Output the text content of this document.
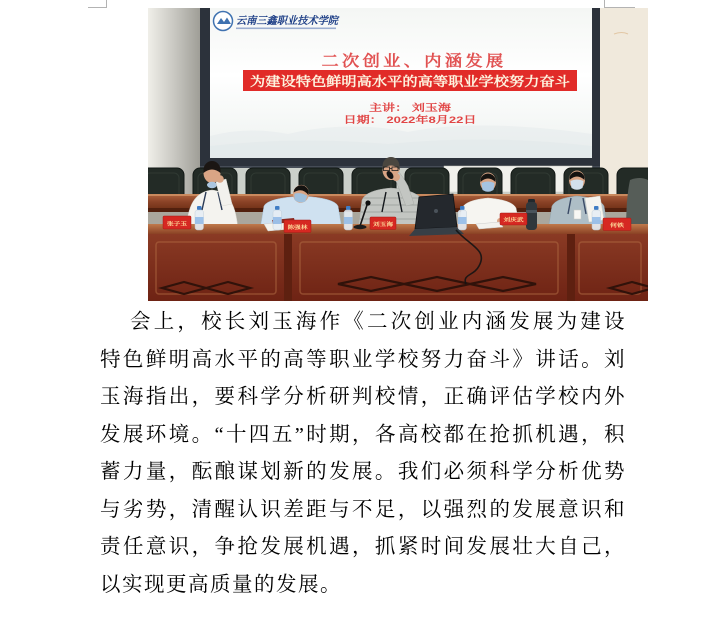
云南三鑫职业技术学院
二次创业、内涵发展
为建设特色鲜明高水平的高等职业学校努力奋斗
主讲： 刘玉海
日期： 2022年8月22日
张子玉
陈强林	刘玉海
刘庆武
何铁
会上，校长刘玉海作《二次创业内涵发展为建设
特色鲜明高水平的高等职业学校努力奋斗》讲话。刘
玉海指出，要科学分析研判校情，正确评估学校内外
发展环境。“十四五”时期，各高校都在抢抓机遇，积
蓄力量，酝酿谋划新的发展。我们必须科学分析优势
与劣势，清醒认识差距与不足，以强烈的发展意识和
责任意识，争抢发展机遇，抓紧时间发展壮大自己，
以实现更高质量的发展。
